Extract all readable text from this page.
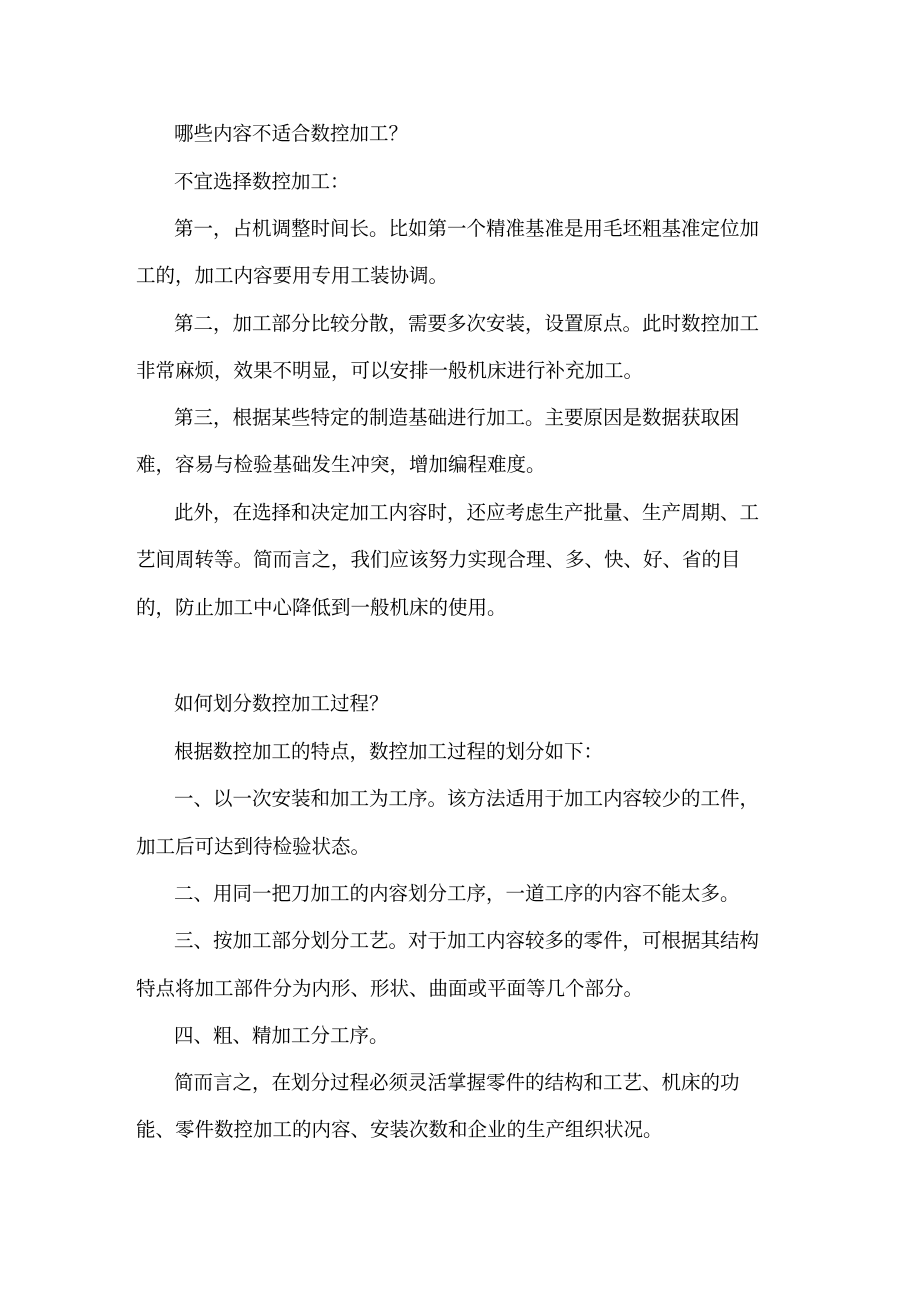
哪些内容不适合数控加工？
不宜选择数控加工：
第一，占机调整时间长。比如第一个精准基准是用毛坯粗基准定位加
工的，加工内容要用专用工装协调。
第二，加工部分比较分散，需要多次安装，设置原点。此时数控加工
非常麻烦，效果不明显，可以安排一般机床进行补充加工。
第三，根据某些特定的制造基础进行加工。主要原因是数据获取困
难，容易与检验基础发生冲突，增加编程难度。
此外，在选择和决定加工内容时，还应考虑生产批量、生产周期、工
艺间周转等。简而言之，我们应该努力实现合理、多、快、好、省的目
的，防止加工中心降低到一般机床的使用。
如何划分数控加工过程？
根据数控加工的特点，数控加工过程的划分如下：
一、以一次安装和加工为工序。该方法适用于加工内容较少的工件，
加工后可达到待检验状态。
二、用同一把刀加工的内容划分工序，一道工序的内容不能太多。
三、按加工部分划分工艺。对于加工内容较多的零件，可根据其结构
特点将加工部件分为内形、形状、曲面或平面等几个部分。
四、粗、精加工分工序。
简而言之，在划分过程必须灵活掌握零件的结构和工艺、机床的功
能、零件数控加工的内容、安装次数和企业的生产组织状况。
